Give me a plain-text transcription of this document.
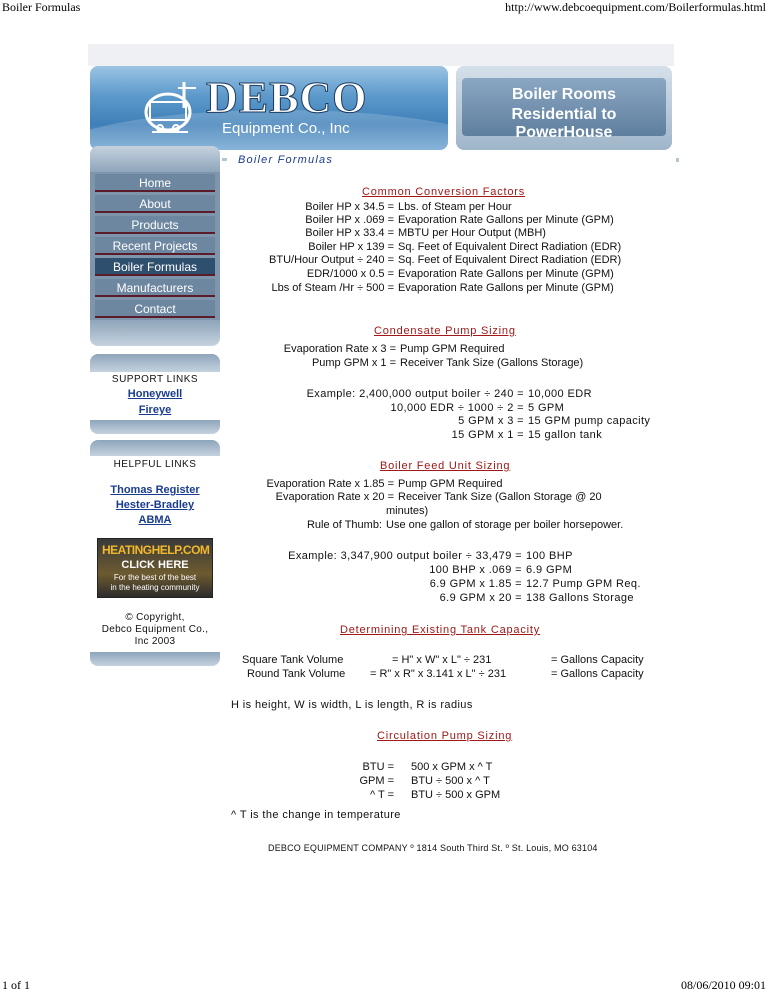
Boiler Formulas	http://www.debcoequipment.com/Boilerformulas.html
1 of 1	08/06/2010 09:01
DEBCO
Equipment Co., Inc
Boiler Rooms
Residential to PowerHouse
Home
About
Products
Recent Projects
Boiler Formulas
Manufacturers
Contact
SUPPORT LINKS
Honeywell
Fireye
HELPFUL LINKS
Thomas Register
Hester-Bradley
ABMA
HEATINGHELP.COM
CLICK HERE
For the best of the best
in the heating community
© Copyright,
Debco Equipment Co.,
Inc 2003
Boiler Formulas
Common Conversion Factors
Boiler HP x 34.5 = Lbs. of Steam per Hour
Boiler HP x .069 = Evaporation Rate Gallons per Minute (GPM)
Boiler HP x 33.4 = MBTU per Hour Output (MBH)
Boiler HP x 139 = Sq. Feet of Equivalent Direct Radiation (EDR)
BTU/Hour Output ÷ 240 = Sq. Feet of Equivalent Direct Radiation (EDR)
EDR/1000 x 0.5 = Evaporation Rate Gallons per Minute (GPM)
Lbs of Steam /Hr ÷ 500 = Evaporation Rate Gallons per Minute (GPM)
Condensate Pump Sizing
Evaporation Rate x 3 = Pump GPM Required
Pump GPM x 1 = Receiver Tank Size (Gallons Storage)
Example: 2,400,000 output boiler ÷ 240 = 10,000 EDR
10,000 EDR ÷ 1000 ÷ 2 = 5 GPM
5 GPM x 3 = 15 GPM pump capacity
15 GPM x 1 = 15 gallon tank
Boiler Feed Unit Sizing
Evaporation Rate x 1.85 = Pump GPM Required
Evaporation Rate x 20 = Receiver Tank Size (Gallon Storage @ 20
minutes)
Rule of Thumb: Use one gallon of storage per boiler horsepower.
Example: 3,347,900 output boiler ÷ 33,479 = 100 BHP
100 BHP x .069 = 6.9 GPM
6.9 GPM x 1.85 = 12.7 Pump GPM Req.
6.9 GPM x 20 = 138 Gallons Storage
Determining Existing Tank Capacity
Square Tank Volume	= H" x W" x L" ÷ 231	= Gallons Capacity
Round Tank Volume = R" x R" x 3.141 x L" ÷ 231	= Gallons Capacity
H is height, W is width, L is length, R is radius
Circulation Pump Sizing
BTU = 500 x GPM x ^ T
GPM = BTU ÷ 500 x ^ T
^ T = BTU ÷ 500 x GPM
^ T is the change in temperature
DEBCO EQUIPMENT COMPANY º 1814 South Third St. º St. Louis, MO 63104
